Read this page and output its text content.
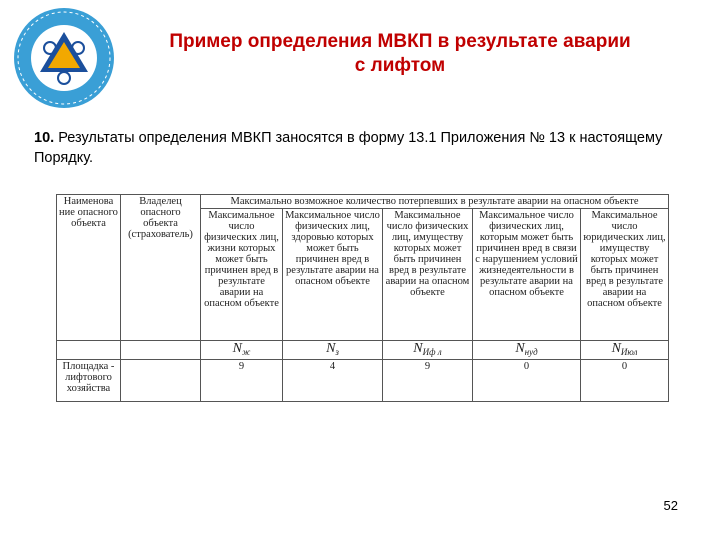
Пример определения МВКП в результате аварии
с лифтом
10. Результаты определения МВКП заносятся в форму 13.1 Приложения № 13 к настоящему Порядку.
Наименова ние опасного объекта	Владелец опасного объекта (страхователь)	Максимально возможное количество потерпевших в результате аварии на опасном объекте				
		Максимальное число физических лиц, жизни которых может быть причинен вред в результате аварии на опасном объекте	Максимальное число физических лиц, здоровью которых может быть причинен вред в результате аварии на опасном объекте	Максимальное число физических лиц, имуществу которых может быть причинен вред в результате аварии на опасном объекте	Максимальное число физических лиц, которым может быть причинен вред в связи с нарушением условий жизнедеятельности в результате аварии на опасном объекте	Максимальное число юридических лиц, имуществу которых может быть причинен вред в результате аварии на опасном объекте
		$N_ж$	$N_з$	$N_{Иф л}$	$N_{нуд}$	$N_{Июл}$
Площадка - лифтового хозяйства		9	4	9	0	0
52
